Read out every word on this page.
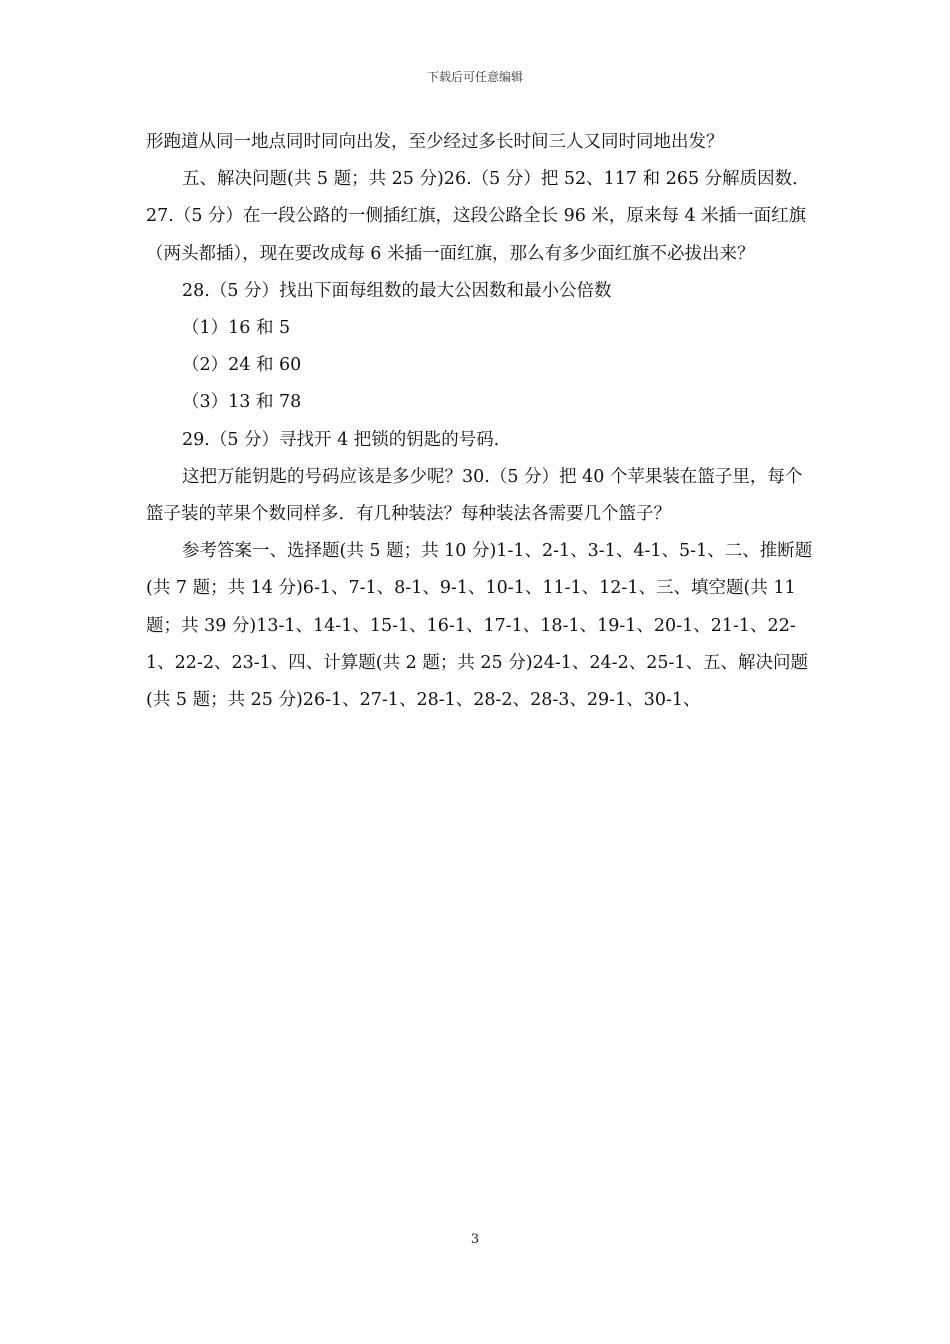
下载后可任意编辑

形跑道从同一地点同时同向出发，至少经过多长时间三人又同时同地出发？

五、解决问题(共 5 题；共 25 分)26.（5 分）把 52、117 和 265 分解质因数．27.（5 分）在一段公路的一侧插红旗，这段公路全长 96 米，原来每 4 米插一面红旗（两头都插），现在要改成每 6 米插一面红旗，那么有多少面红旗不必拔出来？

28.（5 分）找出下面每组数的最大公因数和最小公倍数

（1）16 和 5

（2）24 和 60

（3）13 和 78

29.（5 分）寻找开 4 把锁的钥匙的号码．

这把万能钥匙的号码应该是多少呢？30.（5 分）把 40 个苹果装在篮子里，每个篮子装的苹果个数同样多．有几种装法？每种装法各需要几个篮子？

参考答案一、选择题(共 5 题；共 10 分)1-1、2-1、3-1、4-1、5-1、二、推断题(共 7 题；共 14 分)6-1、7-1、8-1、9-1、10-1、11-1、12-1、三、填空题(共 11 题；共 39 分)13-1、14-1、15-1、16-1、17-1、18-1、19-1、20-1、21-1、22-1、22-2、23-1、四、计算题(共 2 题；共 25 分)24-1、24-2、25-1、五、解决问题(共 5 题；共 25 分)26-1、27-1、28-1、28-2、28-3、29-1、30-1、

3
